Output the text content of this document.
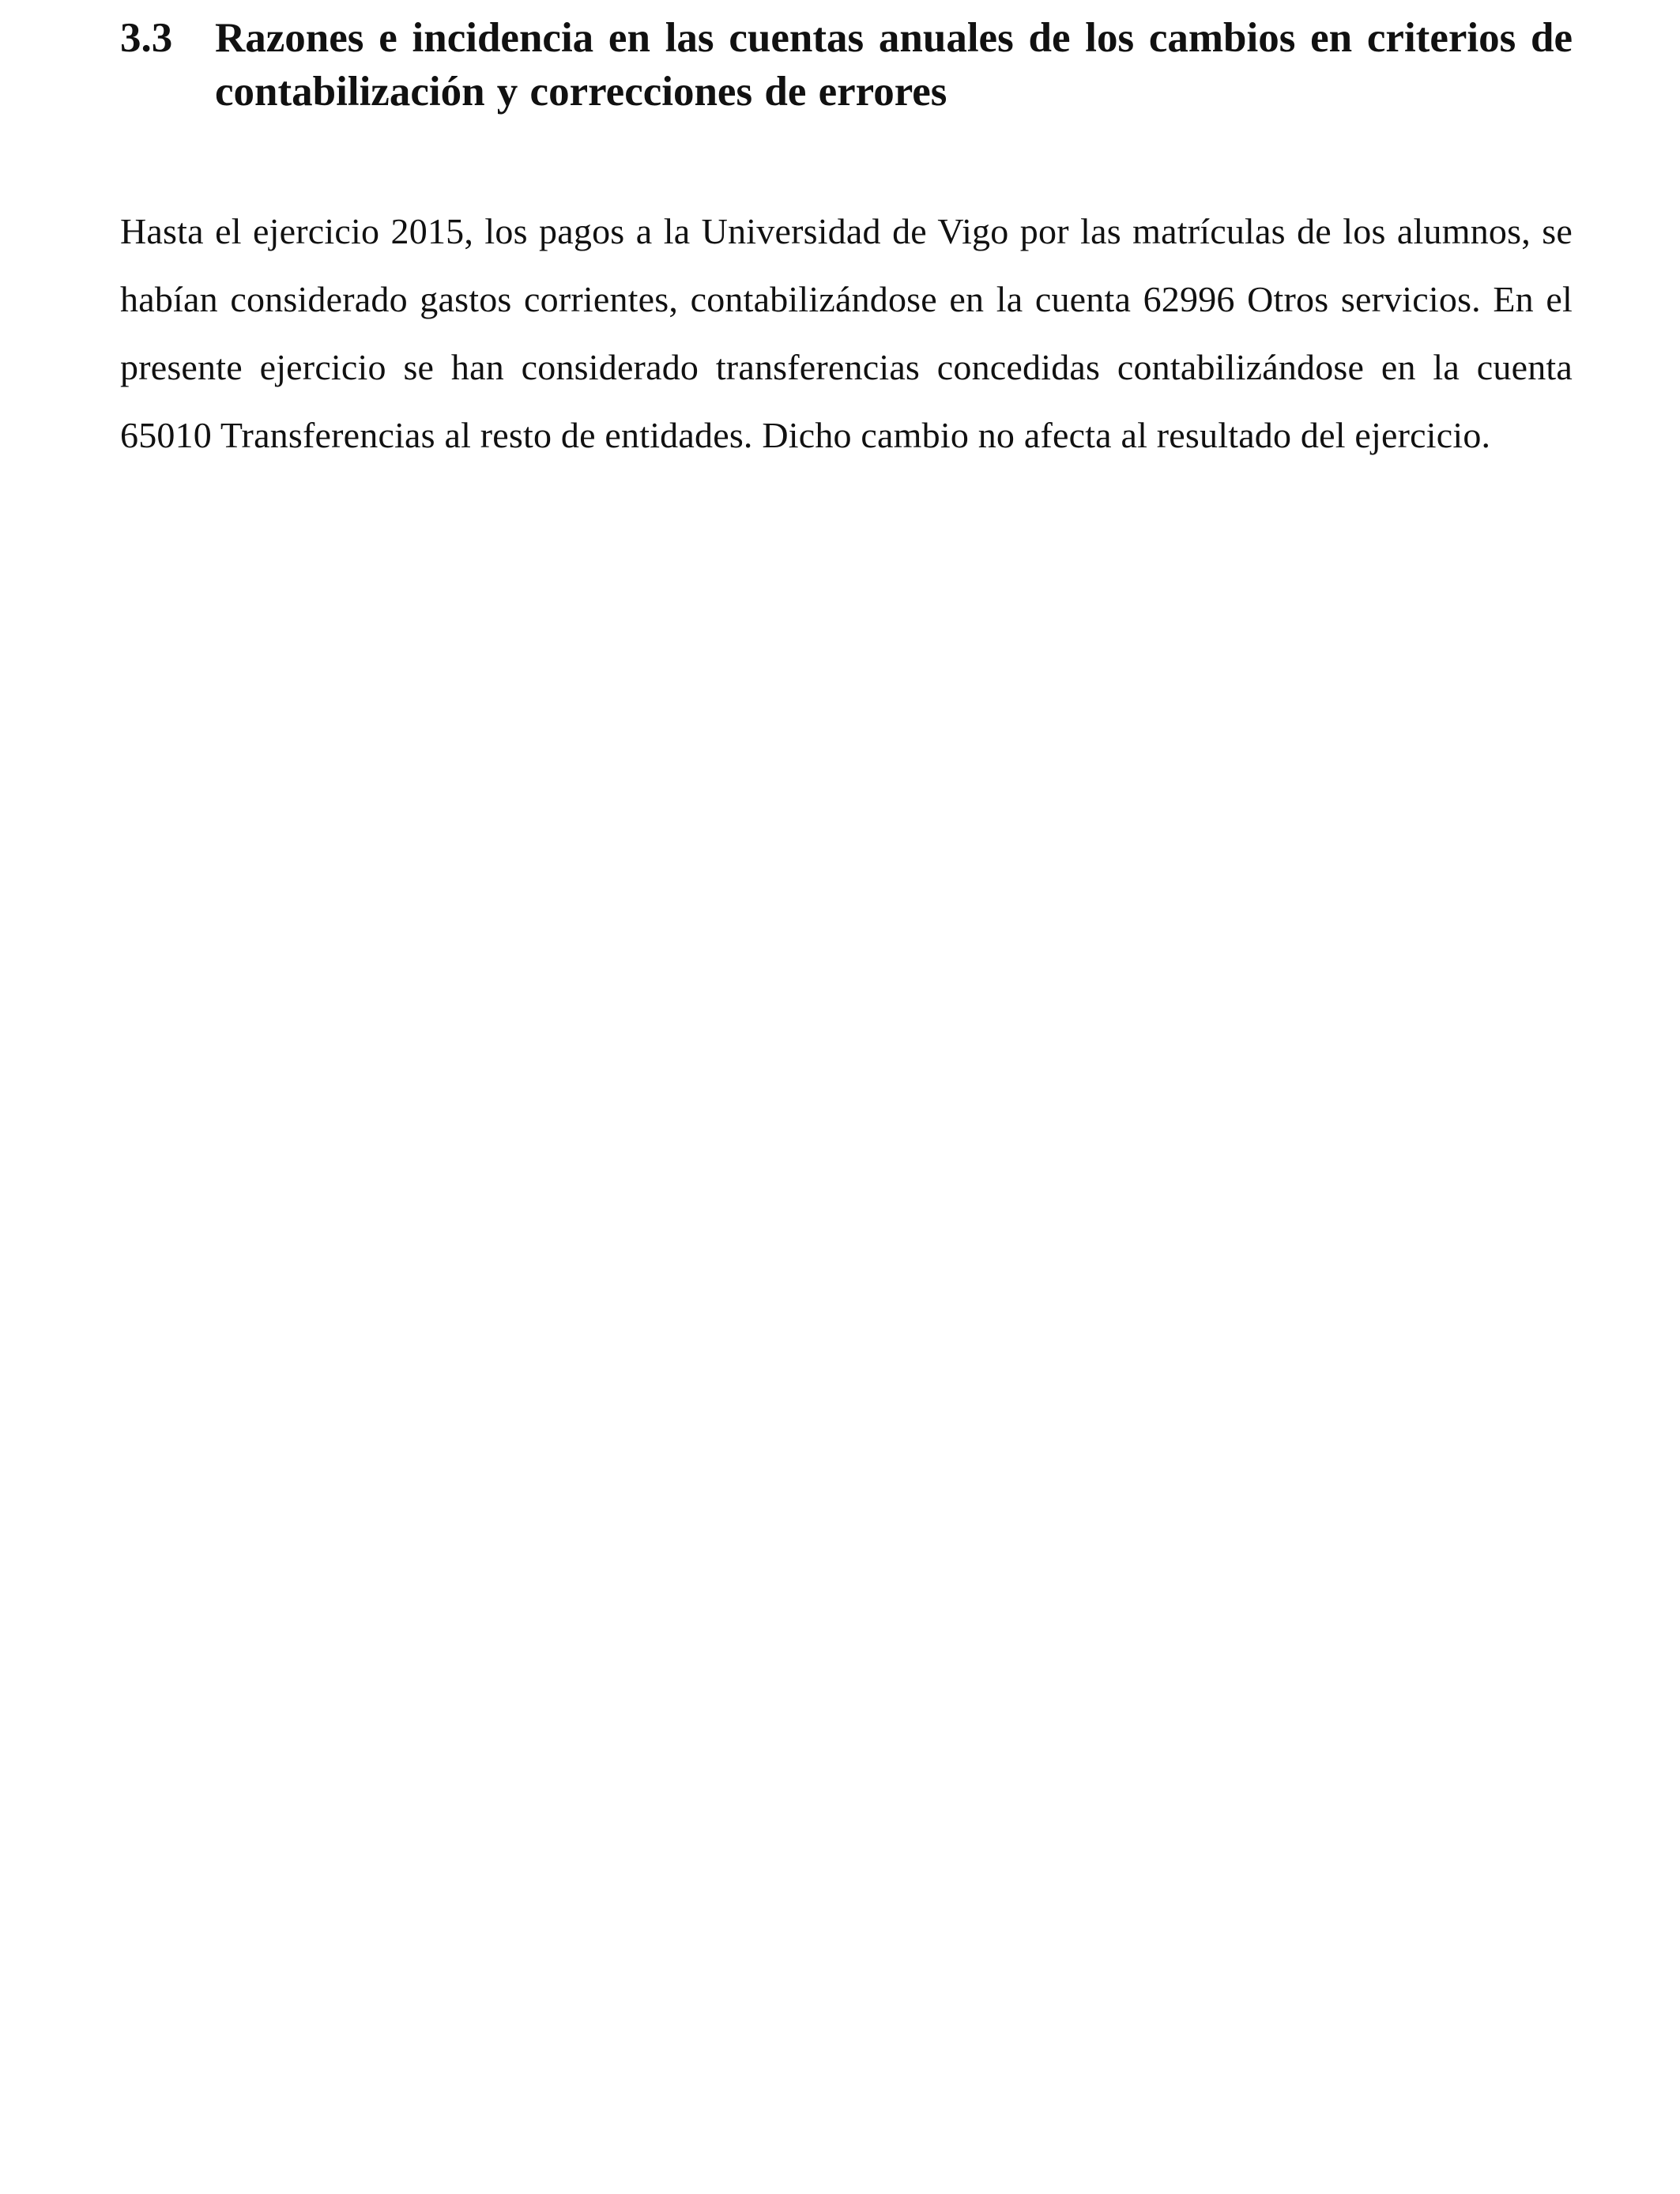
3.3	Razones e incidencia en las cuentas anuales de los cambios en criterios de contabilización y correcciones de errores

Hasta el ejercicio 2015, los pagos a la Universidad de Vigo por las matrículas de los alumnos, se habían considerado gastos corrientes, contabilizándose en la cuenta 62996 Otros servicios. En el presente ejercicio se han considerado transferencias concedidas contabilizándose en la cuenta 65010 Transferencias al resto de entidades. Dicho cambio no afecta al resultado del ejercicio.
